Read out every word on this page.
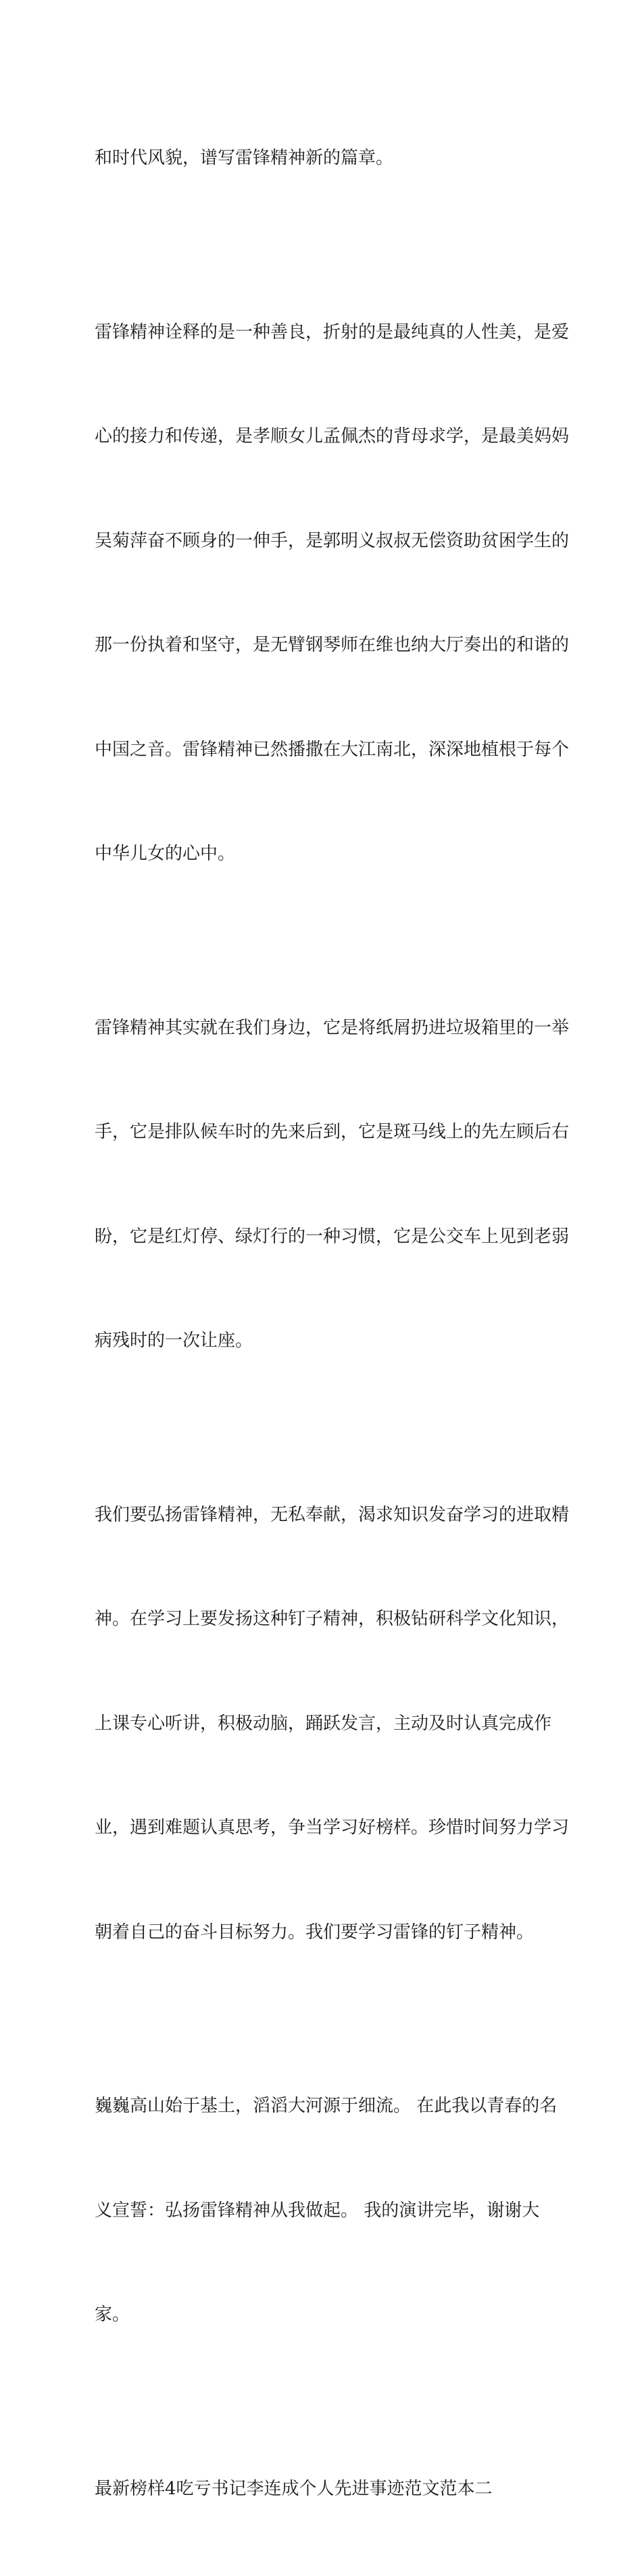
和时代风貌，谱写雷锋精神新的篇章。

雷锋精神诠释的是一种善良，折射的是最纯真的人性美，是爱

心的接力和传递，是孝顺女儿孟佩杰的背母求学，是最美妈妈

吴菊萍奋不顾身的一伸手，是郭明义叔叔无偿资助贫困学生的

那一份执着和坚守，是无臂钢琴师在维也纳大厅奏出的和谐的

中国之音。雷锋精神已然播撒在大江南北，深深地植根于每个

中华儿女的心中。

雷锋精神其实就在我们身边，它是将纸屑扔进垃圾箱里的一举

手，它是排队候车时的先来后到，它是斑马线上的先左顾后右

盼，它是红灯停、绿灯行的一种习惯，它是公交车上见到老弱

病残时的一次让座。

我们要弘扬雷锋精神，无私奉献，渴求知识发奋学习的进取精

神。在学习上要发扬这种钉子精神，积极钻研科学文化知识，

上课专心听讲，积极动脑，踊跃发言，主动及时认真完成作

业，遇到难题认真思考，争当学习好榜样。珍惜时间努力学习

朝着自己的奋斗目标努力。我们要学习雷锋的钉子精神。

巍巍高山始于基土，滔滔大河源于细流。 在此我以青春的名

义宣誓：弘扬雷锋精神从我做起。 我的演讲完毕，谢谢大

家。

最新榜样4吃亏书记李连成个人先进事迹范文范本二
